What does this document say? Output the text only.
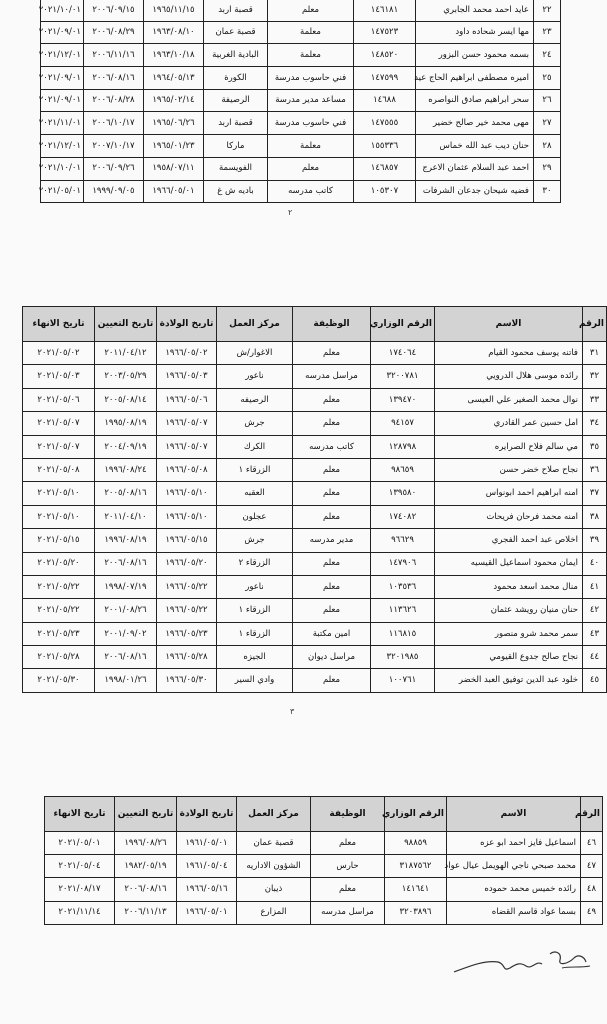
٢٢	عايد احمد محمد الجابري	١٤٦١٨١	معلم	قصبة اربد	١٩٦٥/١١/١٥	٢٠٠٦/٠٩/١٥	٢٠٢١/١٠/٠١
٢٣	مها ايسر شحاده داود	١٤٧٥٢٣	معلمة	قصبة عمان	١٩٦٣/٠٨/١٠	٢٠٠٦/٠٨/٢٩	٢٠٢١/٠٩/٠١
٢٤	بسمه محمود حسن البزور	١٤٨٥٢٠	معلمة	البادية الغربية	١٩٦٣/١٠/١٨	٢٠٠٦/١١/١٦	٢٠٢١/١٢/٠١
٢٥	اميره مصطفى ابراهيم الحاج عيد	١٤٧٥٩٩	فني حاسوب مدرسة	الكورة	١٩٦٤/٠٥/١٣	٢٠٠٦/٠٨/١٦	٢٠٢١/٠٩/٠١
٢٦	سحر ابراهيم صادق النواصره	١٤٦٨٨	مساعد مدير مدرسة	الرصيفة	١٩٦٥/٠٢/١٤	٢٠٠٦/٠٨/٢٨	٢٠٢١/٠٩/٠١
٢٧	مهى محمد خير صالح خضير	١٤٧٥٥٥	فني حاسوب مدرسة	قصبة اربد	١٩٦٥/٠٦/٢٦	٢٠٠٦/١٠/١٧	٢٠٢١/١١/٠١
٢٨	حنان ديب عبد الله خماس	١٥٥٣٣٦	معلمة	ماركا	١٩٦٥/٠١/٢٣	٢٠٠٧/١٠/١٧	٢٠٢١/١٢/٠١
٢٩	احمد عبد السلام عثمان الاعرج	١٤٦٨٥٧	معلم	الفويسمة	١٩٥٨/٠٧/١١	٢٠٠٦/٠٩/٢٦	٢٠٢١/١٠/٠١
٣٠	فضيه شيحان جدعان الشرفات	١٠٥٣٠٧	كاتب مدرسه	باديه ش غ	١٩٦٦/٠٥/٠١	١٩٩٩/٠٩/٠٥	٢٠٢١/٠٥/٠١
٢
الرقم	الاسم	الرقم الوزاري	الوظيفة	مركز العمل	تاريخ الولادة	تاريخ التعيين	تاريخ الانهاء
٣١	فاتنه يوسف محمود القيام	١٧٤٠٦٤	معلم	الاغوار/ش	١٩٦٦/٠٥/٠٢	٢٠١١/٠٤/١٢	٢٠٢١/٠٥/٠٢
٣٢	رائده موسى هلال الدرويي	٣٢٠٠٧٨١	مراسل مدرسه	ناعور	١٩٦٦/٠٥/٠٣	٢٠٠٣/٠٥/٢٩	٢٠٢١/٠٥/٠٣
٣٣	نوال محمد الصغير علي العيسى	١٣٩٤٧٠	معلم	الرصيفه	١٩٦٦/٠٥/٠٦	٢٠٠٥/٠٨/١٤	٢٠٢١/٠٥/٠٦
٣٤	امل حسين عمر القادري	٩٤١٥٧	معلم	جرش	١٩٦٦/٠٥/٠٧	١٩٩٥/٠٨/١٩	٢٠٢١/٠٥/٠٧
٣٥	مي سالم فلاح الصرايره	١٢٨٧٩٨	كاتب مدرسه	الكرك	١٩٦٦/٠٥/٠٧	٢٠٠٤/٠٩/١٩	٢٠٢١/٠٥/٠٧
٣٦	نجاح صلاح خضر حسن	٩٨٦٥٩	معلم	الزرقاء ١	١٩٦٦/٠٥/٠٨	١٩٩٦/٠٨/٢٤	٢٠٢١/٠٥/٠٨
٣٧	امنه ابراهيم احمد ابونواس	١٣٩٥٨٠	معلم	العقبه	١٩٦٦/٠٥/١٠	٢٠٠٥/٠٨/١٦	٢٠٢١/٠٥/١٠
٣٨	امنه محمد فرحان فريحات	١٧٤٠٨٢	معلم	عجلون	١٩٦٦/٠٥/١٠	٢٠١١/٠٤/١٠	٢٠٢١/٠٥/١٠
٣٩	اخلاص عبد احمد الفجري	٩٦٦٢٩	مدير مدرسه	جرش	١٩٦٦/٠٥/١٥	١٩٩٦/٠٨/١٩	٢٠٢١/٠٥/١٥
٤٠	ايمان محمود اسماعيل القيسيه	١٤٧٩٠٦	معلم	الزرقاء ٢	١٩٦٦/٠٥/٢٠	٢٠٠٦/٠٨/١٦	٢٠٢١/٠٥/٢٠
٤١	منال محمد اسعد محمود	١٠٣٥٣٦	معلم	ناعور	١٩٦٦/٠٥/٢٢	١٩٩٨/٠٧/١٩	٢٠٢١/٠٥/٢٢
٤٢	حنان منيان رويشد عثمان	١١٣٦٢٦	معلم	الزرقاء ١	١٩٦٦/٠٥/٢٢	٢٠٠١/٠٨/٢٦	٢٠٢١/٠٥/٢٢
٤٣	سمر محمد شرو منصور	١١٦٨١٥	امين مكتبة	الزرقاء ١	١٩٦٦/٠٥/٢٣	٢٠٠١/٠٩/٠٢	٢٠٢١/٠٥/٢٣
٤٤	نجاح صالح جدوع القيومي	٣٢٠١٩٨٥	مراسل ديوان	الجيزه	١٩٦٦/٠٥/٢٨	٢٠٠٦/٠٨/١٦	٢٠٢١/٠٥/٢٨
٤٥	خلود عبد الدين توفيق العبد الخضر	١٠٠٧٦١	معلم	وادي السير	١٩٦٦/٠٥/٣٠	١٩٩٨/٠١/٢٦	٢٠٢١/٠٥/٣٠
٣
الرقم	الاسم	الرقم الوزاري	الوظيفة	مركز العمل	تاريخ الولادة	تاريخ التعيين	تاريخ الانهاء
٤٦	اسماعيل فايز احمد ابو عزه	٩٨٨٥٩	معلم	قصبة عمان	١٩٦١/٠٥/٠١	١٩٩٦/٠٨/٢٦	٢٠٢١/٠٥/٠١
٤٧	محمد صبحي ناجي الهويمل عيال عواد	٣١٨٧٥٦٢	حارس	الشؤون الاداريه	١٩٦١/٠٥/٠٤	١٩٨٢/٠٥/١٩	٢٠٢١/٠٥/٠٤
٤٨	رائده خميس محمد حموده	١٤١٦٤١	معلم	ذيبان	١٩٦٦/٠٥/١٦	٢٠٠٦/٠٨/١٦	٢٠٢١/٠٨/١٧
٤٩	بسما عواد قاسم القضاه	٣٢٠٣٨٩٦	مراسل مدرسه	المزارع	١٩٦٦/٠٥/٠١	٢٠٠٦/١١/١٣	٢٠٢١/١١/١٤
